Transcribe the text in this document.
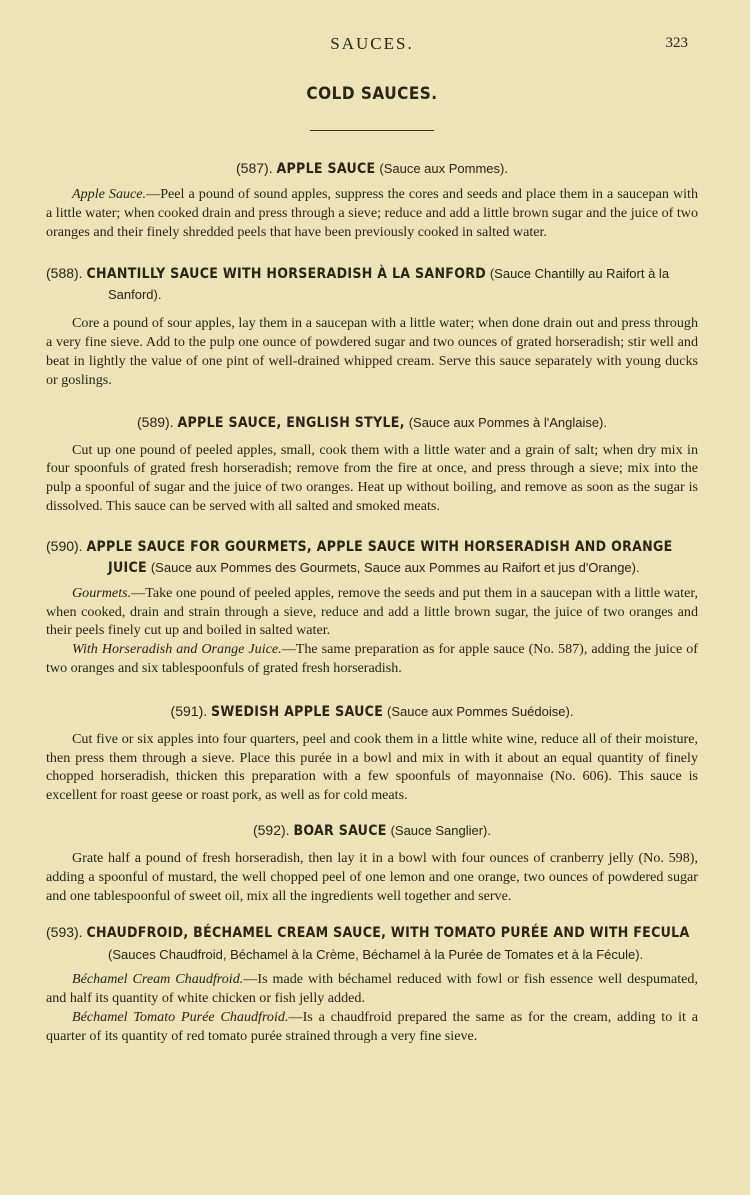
SAUCES.	323
COLD SAUCES.
(587). APPLE SAUCE (Sauce aux Pommes).

Apple Sauce.—Peel a pound of sound apples, suppress the cores and seeds and place them in a saucepan with a little water; when cooked drain and press through a sieve; reduce and add a little brown sugar and the juice of two oranges and their finely shredded peels that have been previously cooked in salted water.

(588). CHANTILLY SAUCE WITH HORSERADISH À LA SANFORD (Sauce Chantilly au Raifort à la Sanford).

Core a pound of sour apples, lay them in a saucepan with a little water; when done drain out and press through a very fine sieve. Add to the pulp one ounce of powdered sugar and two ounces of grated horseradish; stir well and beat in lightly the value of one pint of well-drained whipped cream. Serve this sauce separately with young ducks or goslings.

(589). APPLE SAUCE, ENGLISH STYLE, (Sauce aux Pommes à l'Anglaise).

Cut up one pound of peeled apples, small, cook them with a little water and a grain of salt; when dry mix in four spoonfuls of grated fresh horseradish; remove from the fire at once, and press through a sieve; mix into the pulp a spoonful of sugar and the juice of two oranges. Heat up without boiling, and remove as soon as the sugar is dissolved. This sauce can be served with all salted and smoked meats.

(590). APPLE SAUCE FOR GOURMETS, APPLE SAUCE WITH HORSERADISH AND ORANGE JUICE (Sauce aux Pommes des Gourmets, Sauce aux Pommes au Raifort et jus d'Orange).

Gourmets.—Take one pound of peeled apples, remove the seeds and put them in a saucepan with a little water, when cooked, drain and strain through a sieve, reduce and add a little brown sugar, the juice of two oranges and their peels finely cut up and boiled in salted water.

With Horseradish and Orange Juice.—The same preparation as for apple sauce (No. 587), adding the juice of two oranges and six tablespoonfuls of grated fresh horseradish.

(591). SWEDISH APPLE SAUCE (Sauce aux Pommes Suédoise).

Cut five or six apples into four quarters, peel and cook them in a little white wine, reduce all of their moisture, then press them through a sieve. Place this purée in a bowl and mix in with it about an equal quantity of finely chopped horseradish, thicken this preparation with a few spoonfuls of mayonnaise (No. 606). This sauce is excellent for roast geese or roast pork, as well as for cold meats.

(592). BOAR SAUCE (Sauce Sanglier).

Grate half a pound of fresh horseradish, then lay it in a bowl with four ounces of cranberry jelly (No. 598), adding a spoonful of mustard, the well chopped peel of one lemon and one orange, two ounces of powdered sugar and one tablespoonful of sweet oil, mix all the ingredients well together and serve.

(593). CHAUDFROID, BÉCHAMEL CREAM SAUCE, WITH TOMATO PURÉE AND WITH FECULA (Sauces Chaudfroid, Béchamel à la Crème, Béchamel à la Purée de Tomates et à la Fécule).

Béchamel Cream Chaudfroid.—Is made with béchamel reduced with fowl or fish essence well despumated, and half its quantity of white chicken or fish jelly added.

Béchamel Tomato Purée Chaudfroid.—Is a chaudfroid prepared the same as for the cream, adding to it a quarter of its quantity of red tomato purée strained through a very fine sieve.
